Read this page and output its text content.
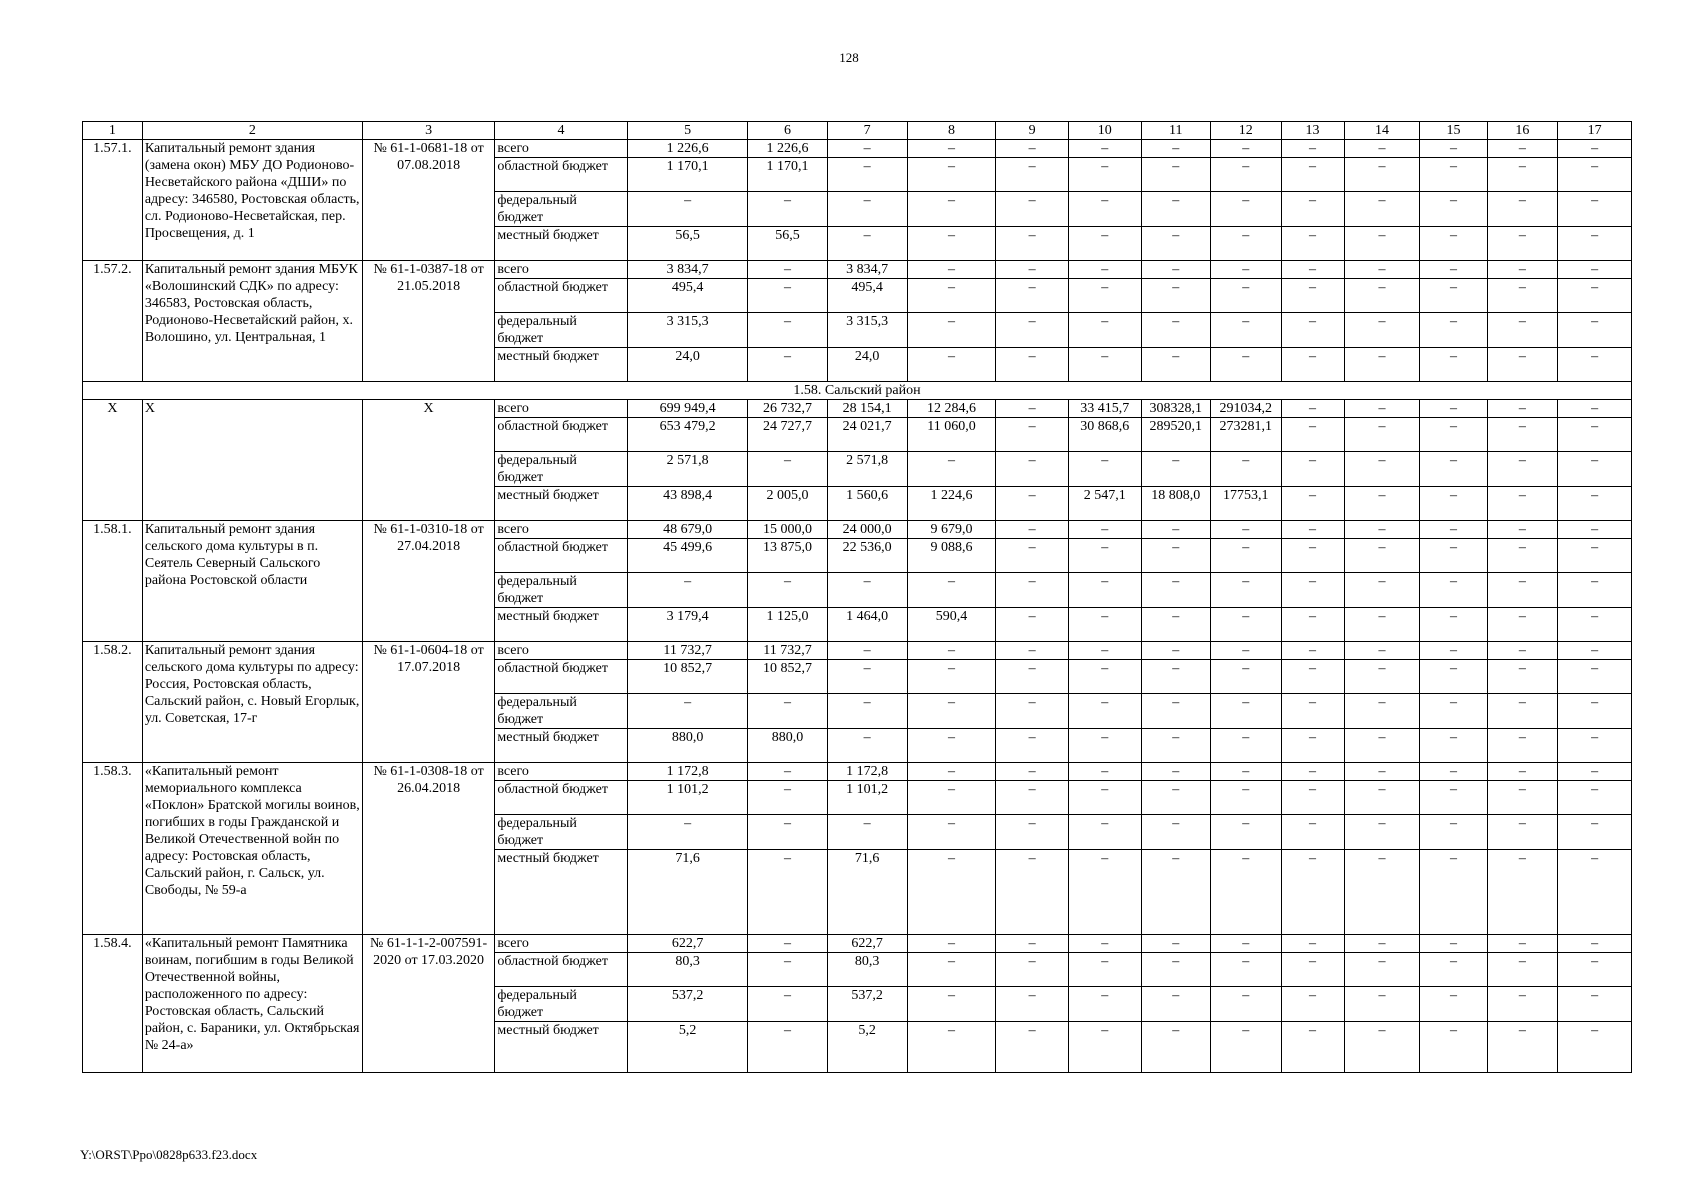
128
1	2	3	4	5	6	7	8	9	10	11	12	13	14	15	16	17
1.57.1.	Капитальный ремонт здания (замена окон) МБУ ДО Родионово-Несветайского района «ДШИ» по адресу: 346580, Ростовская область, сл. Родионово-Несветайская, пер. Просвещения, д. 1	№ 61-1-0681-18 от 07.08.2018	всего	1 226,6	1 226,6	–	–	–	–	–	–	–	–	–	–	–
			областной бюджет	1 170,1	1 170,1	–	–	–	–	–	–	–	–	–	–	–
			федеральный бюджет	–	–	–	–	–	–	–	–	–	–	–	–	–
			местный бюджет	56,5	56,5	–	–	–	–	–	–	–	–	–	–	–
1.57.2.	Капитальный ремонт здания МБУК «Волошинский СДК» по адресу: 346583, Ростовская область, Родионово-Несветайский район, х. Волошино, ул. Центральная, 1	№ 61-1-0387-18 от 21.05.2018	всего	3 834,7	–	3 834,7	–	–	–	–	–	–	–	–	–	–
			областной бюджет	495,4	–	495,4	–	–	–	–	–	–	–	–	–	–
			федеральный бюджет	3 315,3	–	3 315,3	–	–	–	–	–	–	–	–	–	–
			местный бюджет	24,0	–	24,0	–	–	–	–	–	–	–	–	–	–
1.58. Сальский район																
Х	Х	Х	всего	699 949,4	26 732,7	28 154,1	12 284,6	–	33 415,7	308328,1	291034,2	–	–	–	–	–
			областной бюджет	653 479,2	24 727,7	24 021,7	11 060,0	–	30 868,6	289520,1	273281,1	–	–	–	–	–
			федеральный бюджет	2 571,8	–	2 571,8	–	–	–	–	–	–	–	–	–	–
			местный бюджет	43 898,4	2 005,0	1 560,6	1 224,6	–	2 547,1	18 808,0	17753,1	–	–	–	–	–
1.58.1.	Капитальный ремонт здания сельского дома культуры в п. Сеятель Северный Сальского района Ростовской области	№ 61-1-0310-18 от 27.04.2018	всего	48 679,0	15 000,0	24 000,0	9 679,0	–	–	–	–	–	–	–	–	–
			областной бюджет	45 499,6	13 875,0	22 536,0	9 088,6	–	–	–	–	–	–	–	–	–
			федеральный бюджет	–	–	–	–	–	–	–	–	–	–	–	–	–
			местный бюджет	3 179,4	1 125,0	1 464,0	590,4	–	–	–	–	–	–	–	–	–
1.58.2.	Капитальный ремонт здания сельского дома культуры по адресу: Россия, Ростовская область, Сальский район, с. Новый Егорлык, ул. Советская, 17-г	№ 61-1-0604-18 от 17.07.2018	всего	11 732,7	11 732,7	–	–	–	–	–	–	–	–	–	–	–
			областной бюджет	10 852,7	10 852,7	–	–	–	–	–	–	–	–	–	–	–
			федеральный бюджет	–	–	–	–	–	–	–	–	–	–	–	–	–
			местный бюджет	880,0	880,0	–	–	–	–	–	–	–	–	–	–	–
1.58.3.	«Капитальный ремонт мемориального комплекса «Поклон» Братской могилы воинов, погибших в годы Гражданской и Великой Отечественной войн по адресу: Ростовская область, Сальский район, г. Сальск, ул. Свободы, № 59-а	№ 61-1-0308-18 от 26.04.2018	всего	1 172,8	–	1 172,8	–	–	–	–	–	–	–	–	–	–
			областной бюджет	1 101,2	–	1 101,2	–	–	–	–	–	–	–	–	–	–
			федеральный бюджет	–	–	–	–	–	–	–	–	–	–	–	–	–
			местный бюджет	71,6	–	71,6	–	–	–	–	–	–	–	–	–	–
1.58.4.	«Капитальный ремонт Памятника воинам, погибшим в годы Великой Отечественной войны, расположенного по адресу: Ростовская область, Сальский район, с. Бараники, ул. Октябрьская № 24-а»	№ 61-1-1-2-007591-2020 от 17.03.2020	всего	622,7	–	622,7	–	–	–	–	–	–	–	–	–	–
			областной бюджет	80,3	–	80,3	–	–	–	–	–	–	–	–	–	–
			федеральный бюджет	537,2	–	537,2	–	–	–	–	–	–	–	–	–	–
			местный бюджет	5,2	–	5,2	–	–	–	–	–	–	–	–	–	–
Y:\ORST\Ppo\0828p633.f23.docx
